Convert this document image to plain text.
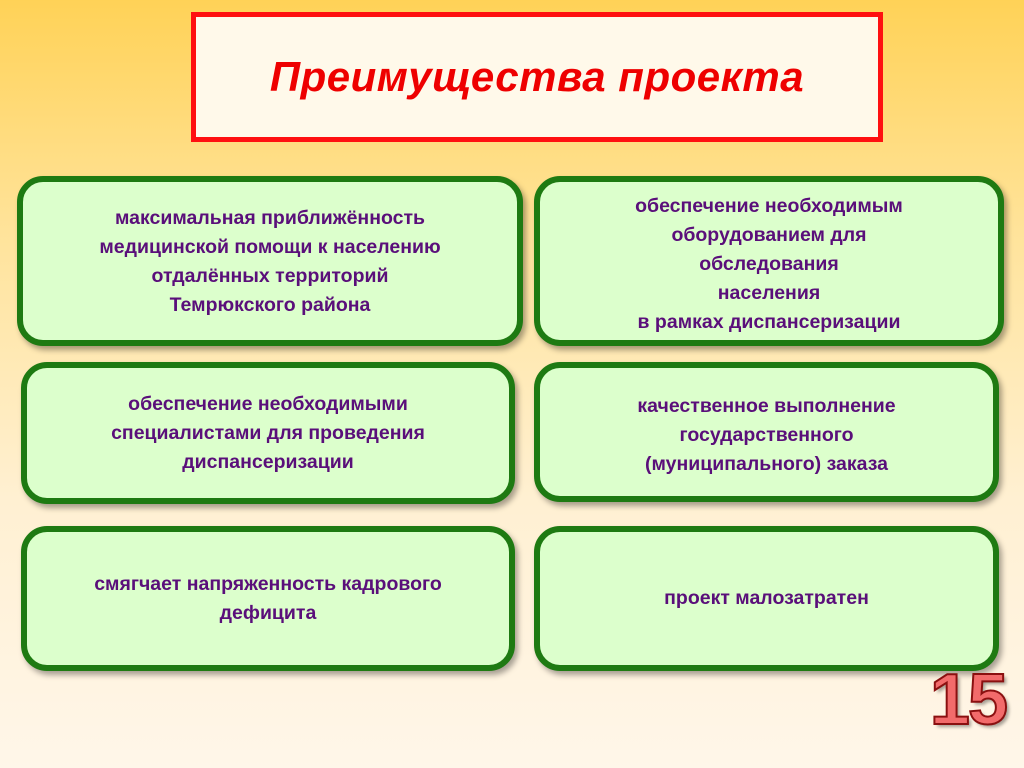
Преимущества проекта

максимальная приближённость
медицинской помощи к населению
отдалённых территорий
Темрюкского района

обеспечение необходимым
оборудованием для
обследования
населения
в рамках диспансеризации

обеспечение необходимыми
специалистами для проведения
диспансеризации

качественное выполнение
государственного
(муниципального) заказа

смягчает напряженность кадрового
дефицита

проект малозатратен

15
